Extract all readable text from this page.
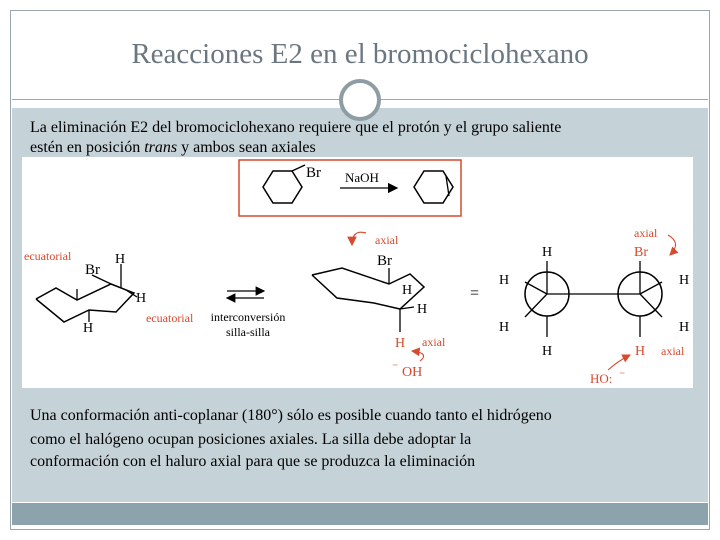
Reacciones E2 en el bromociclohexano
La eliminación E2 del bromociclohexano requiere que el protón y el grupo saliente
estén en posición trans y ambos sean axiales
Br NaOH
ecuatorial
Br
H
H
H
ecuatorial interconversión
silla-silla
axial
Br
H
H
H axial
OH
⁻
=
H
H
H
H
Br
axial
H
H
H axial
HO: ⁻
Una conformación anti-coplanar (180°) sólo es posible cuando tanto el hidrógeno
como el halógeno ocupan posiciones axiales. La silla debe adoptar la
conformación con el haluro axial para que se produzca la eliminación
